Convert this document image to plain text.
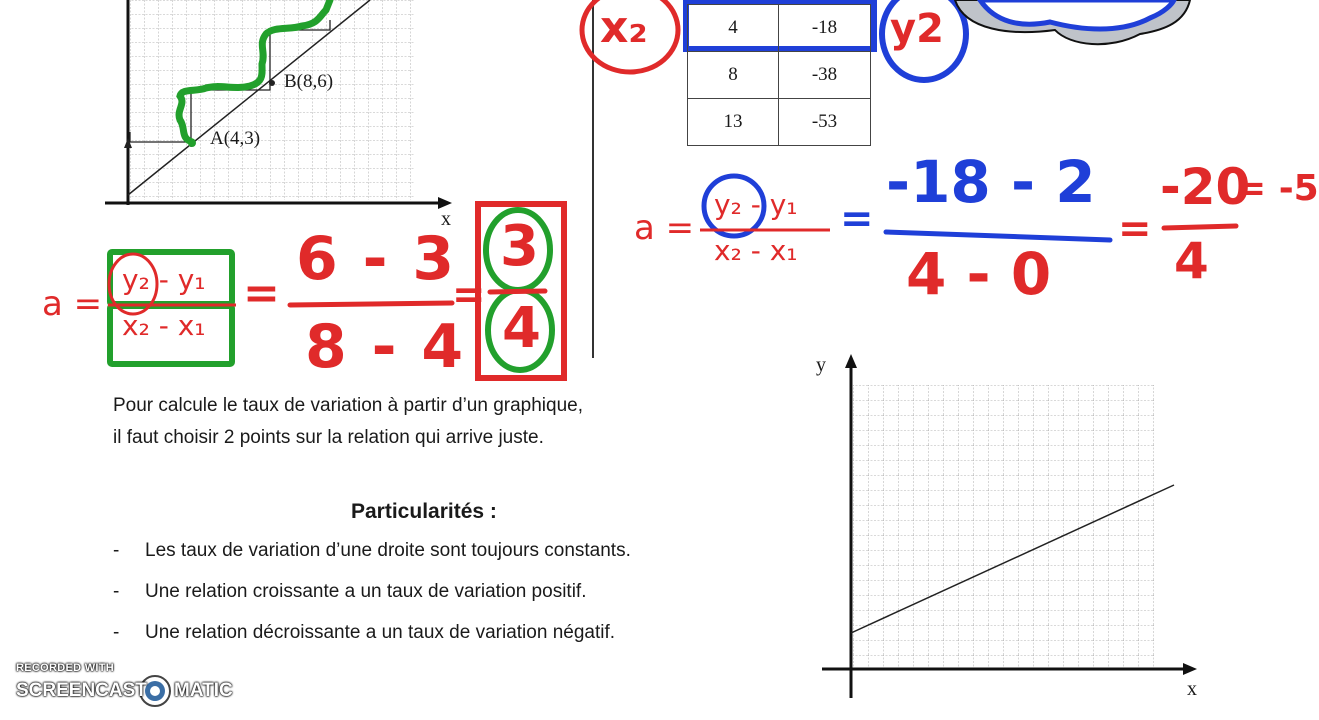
A(4,3)
B(8,6)
x
a =
y₂ - y₁
x₂ - x₁
= 6 - 3
8 - 4
=
3
4
4	-18
8	-38
13	-53
x₂	y2
a =
y₂ - y₁
x₂ - x₁
=
-18 - 2
4 - 0
=
-20
4
= -5
Pour calcule le taux de variation à partir d’un graphique,
il faut choisir 2 points sur la relation qui arrive juste.
Particularités :
- Les taux de variation d’une droite sont toujours constants.
- Une relation croissante a un taux de variation positif.
- Une relation décroissante a un taux de variation négatif.
y
x
RECORDED WITH
SCREENCAST MATIC
